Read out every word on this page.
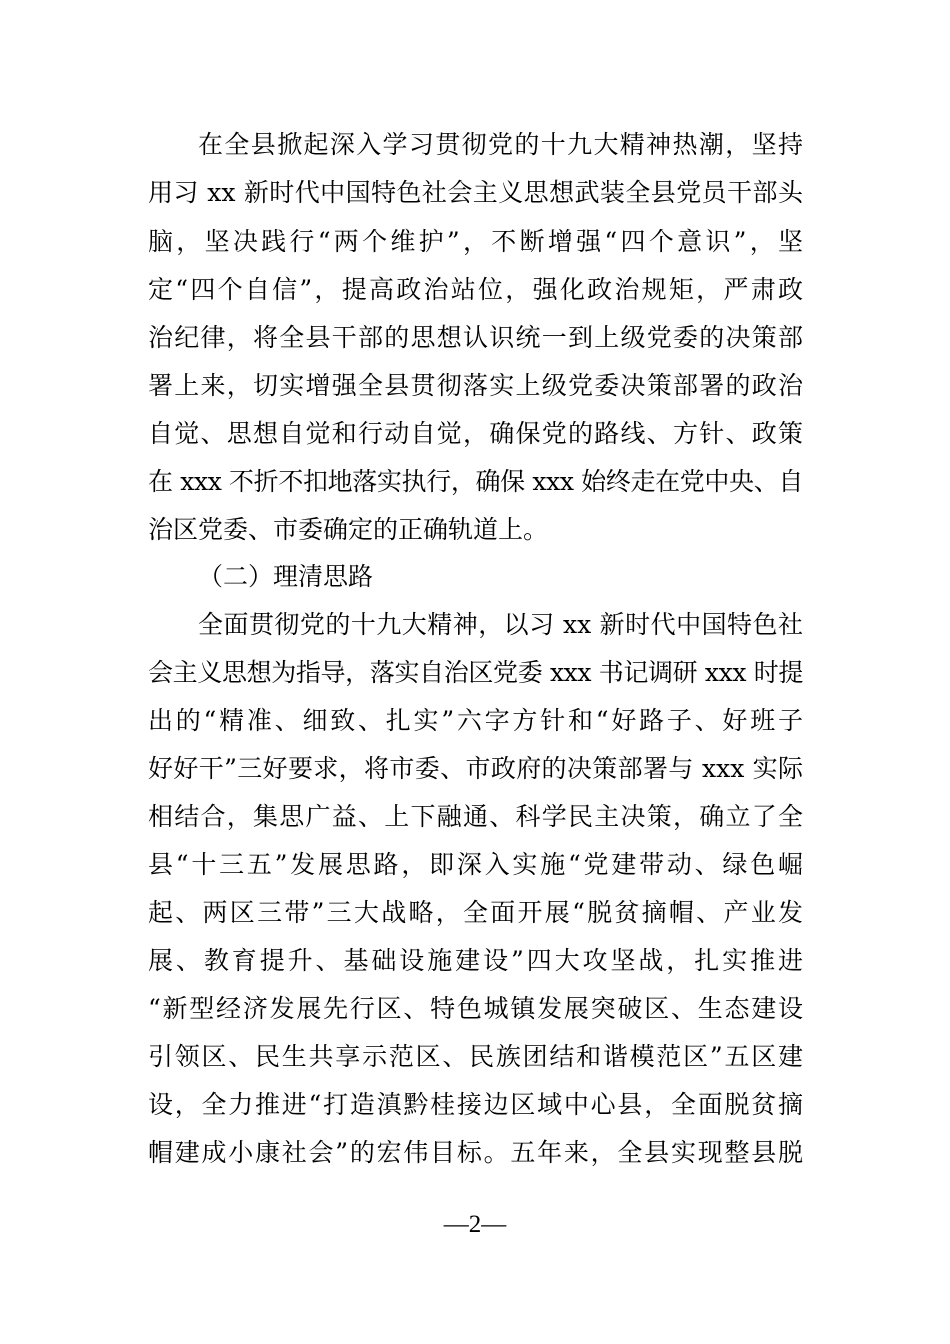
在全县掀起深入学习贯彻党的十九大精神热潮，坚持
用习 xx 新时代中国特色社会主义思想武装全县党员干部头
脑，坚决践行“两个维护”，不断增强“四个意识”，坚
定“四个自信”，提高政治站位，强化政治规矩，严肃政
治纪律，将全县干部的思想认识统一到上级党委的决策部
署上来，切实增强全县贯彻落实上级党委决策部署的政治
自觉、思想自觉和行动自觉，确保党的路线、方针、政策
在 xxx 不折不扣地落实执行，确保 xxx 始终走在党中央、自
治区党委、市委确定的正确轨道上。
（二）理清思路
全面贯彻党的十九大精神，以习 xx 新时代中国特色社
会主义思想为指导，落实自治区党委 xxx 书记调研 xxx 时提
出的“精准、细致、扎实”六字方针和“好路子、好班子
好好干”三好要求，将市委、市政府的决策部署与 xxx 实际
相结合，集思广益、上下融通、科学民主决策，确立了全
县“十三五”发展思路，即深入实施“党建带动、绿色崛
起、两区三带”三大战略，全面开展“脱贫摘帽、产业发
展、教育提升、基础设施建设”四大攻坚战，扎实推进
“新型经济发展先行区、特色城镇发展突破区、生态建设
引领区、民生共享示范区、民族团结和谐模范区”五区建
设，全力推进“打造滇黔桂接边区域中心县，全面脱贫摘
帽建成小康社会”的宏伟目标。五年来，全县实现整县脱
—2—
